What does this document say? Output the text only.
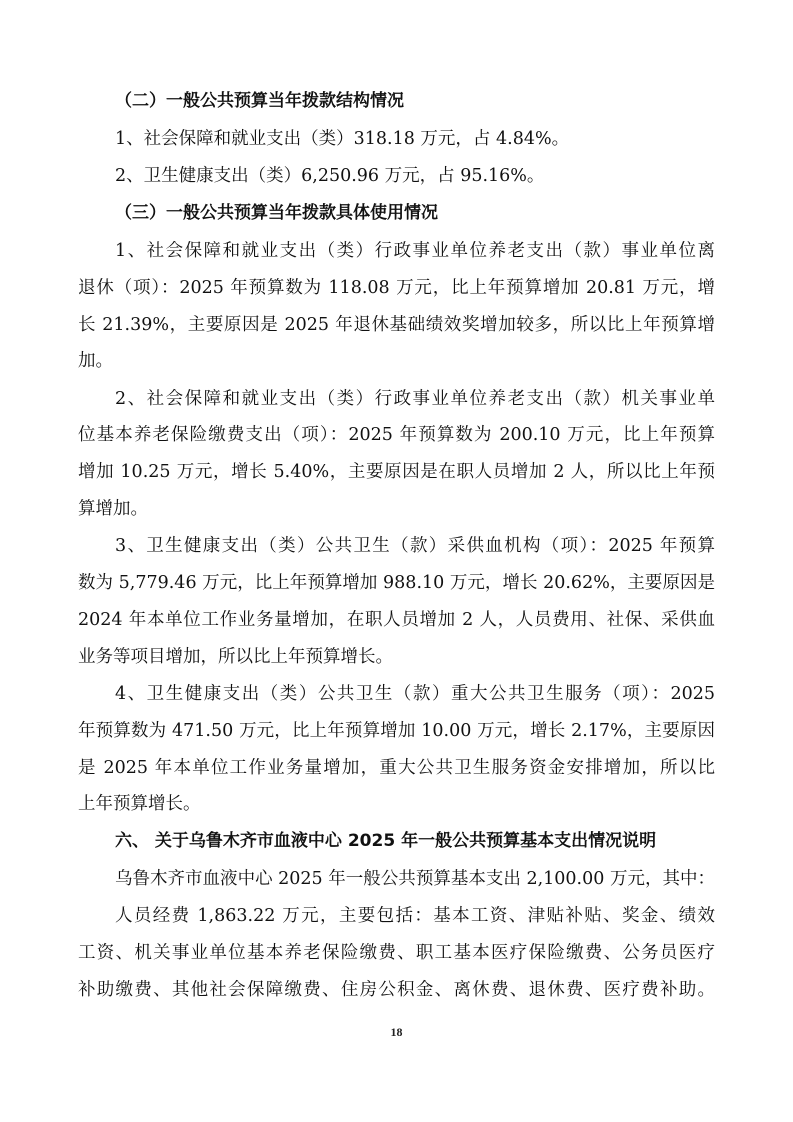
（二）一般公共预算当年拨款结构情况
1、社会保障和就业支出（类）318.18 万元，占 4.84%。
2、卫生健康支出（类）6,250.96 万元，占 95.16%。
（三）一般公共预算当年拨款具体使用情况
1、社会保障和就业支出（类）行政事业单位养老支出（款）事业单位离
退休（项）：2025 年预算数为 118.08 万元，比上年预算增加 20.81 万元，增
长 21.39%，主要原因是 2025 年退休基础绩效奖增加较多，所以比上年预算增
加。
2、社会保障和就业支出（类）行政事业单位养老支出（款）机关事业单
位基本养老保险缴费支出（项）：2025 年预算数为 200.10 万元，比上年预算
增加 10.25 万元，增长 5.40%，主要原因是在职人员增加 2 人，所以比上年预
算增加。
3、卫生健康支出（类）公共卫生（款）采供血机构（项）：2025 年预算
数为 5,779.46 万元，比上年预算增加 988.10 万元，增长 20.62%，主要原因是
2024 年本单位工作业务量增加，在职人员增加 2 人，人员费用、社保、采供血
业务等项目增加，所以比上年预算增长。
4、卫生健康支出（类）公共卫生（款）重大公共卫生服务（项）：2025
年预算数为 471.50 万元，比上年预算增加 10.00 万元，增长 2.17%，主要原因
是 2025 年本单位工作业务量增加，重大公共卫生服务资金安排增加，所以比
上年预算增长。
六、 关于乌鲁木齐市血液中心 2025 年一般公共预算基本支出情况说明
乌鲁木齐市血液中心 2025 年一般公共预算基本支出 2,100.00 万元，其中：
人员经费 1,863.22 万元，主要包括：基本工资、津贴补贴、奖金、绩效
工资、机关事业单位基本养老保险缴费、职工基本医疗保险缴费、公务员医疗
补助缴费、其他社会保障缴费、住房公积金、离休费、退休费、医疗费补助。
18
